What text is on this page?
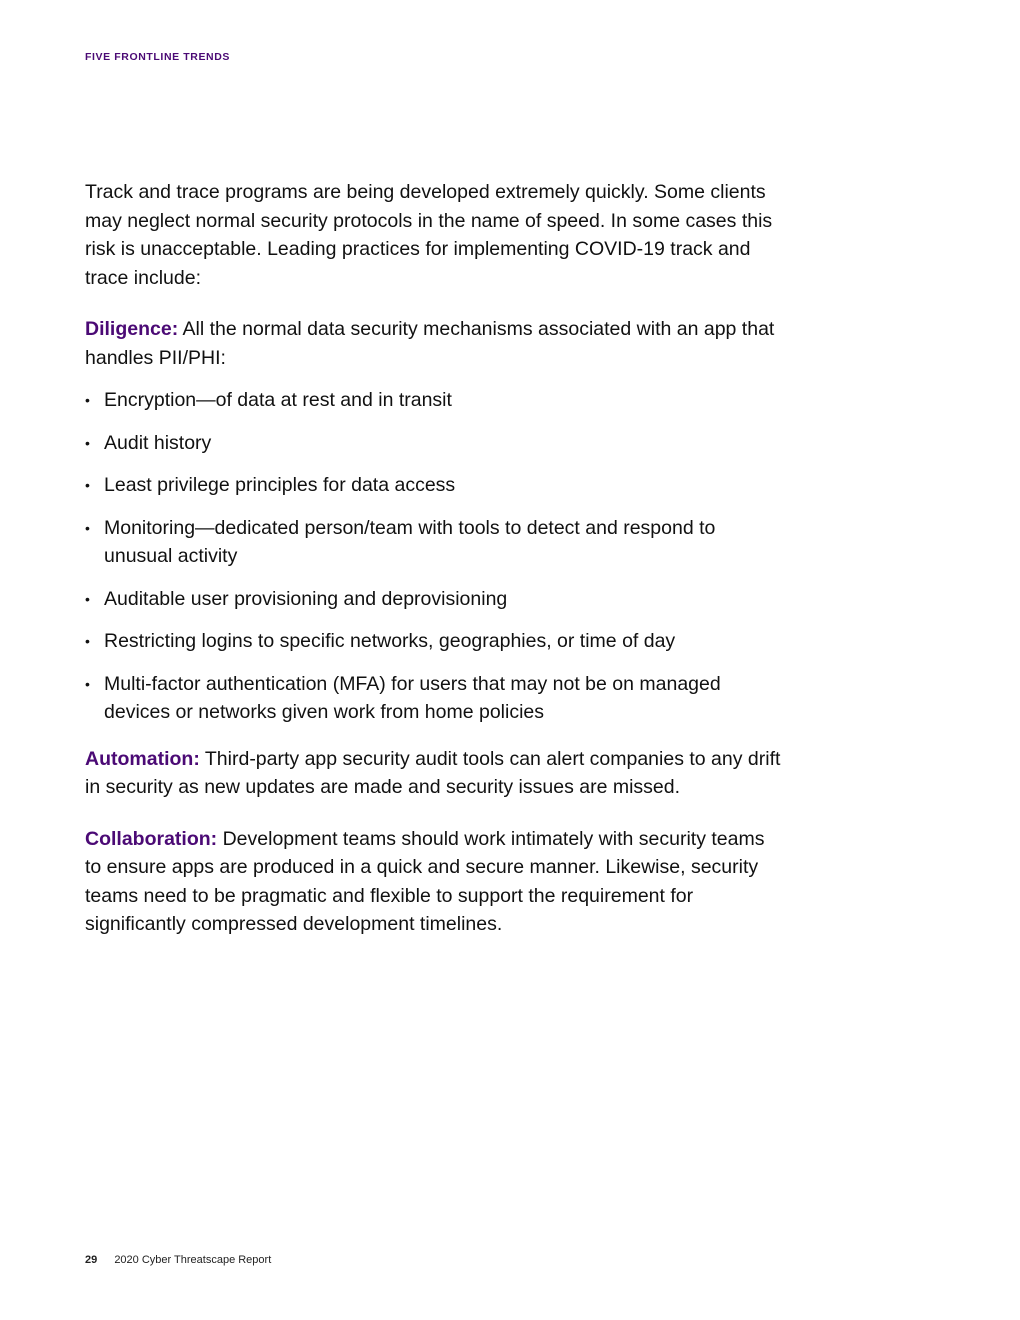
FIVE FRONTLINE TRENDS

Track and trace programs are being developed extremely quickly. Some clients may neglect normal security protocols in the name of speed. In some cases this risk is unacceptable. Leading practices for implementing COVID-19 track and trace include:

Diligence: All the normal data security mechanisms associated with an app that handles PII/PHI:

• Encryption—of data at rest and in transit
• Audit history
• Least privilege principles for data access
• Monitoring—dedicated person/team with tools to detect and respond to unusual activity
• Auditable user provisioning and deprovisioning
• Restricting logins to specific networks, geographies, or time of day
• Multi-factor authentication (MFA) for users that may not be on managed devices or networks given work from home policies

Automation: Third-party app security audit tools can alert companies to any drift in security as new updates are made and security issues are missed.

Collaboration: Development teams should work intimately with security teams to ensure apps are produced in a quick and secure manner. Likewise, security teams need to be pragmatic and flexible to support the requirement for significantly compressed development timelines.

29 2020 Cyber Threatscape Report
